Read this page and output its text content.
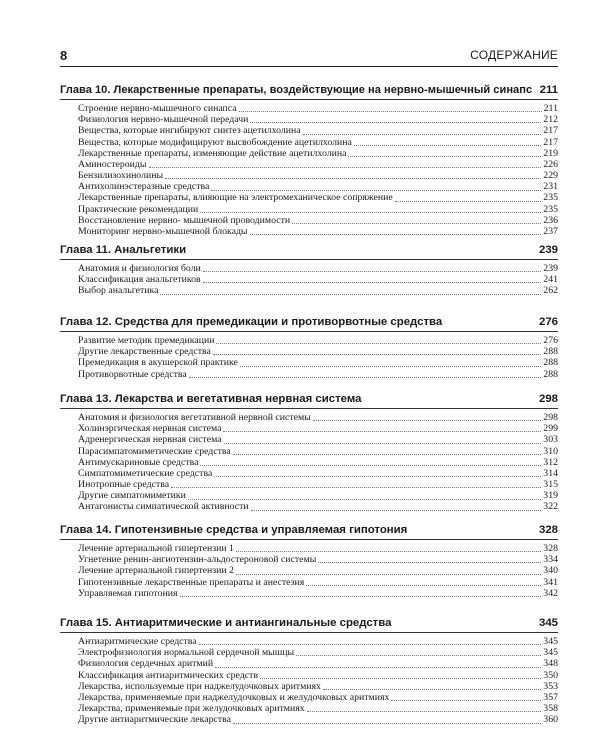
8	СОДЕРЖАНИЕ
Глава 10. Лекарственные препараты, воздействующие на нервно-мышечный синапс 211
Строение нервно-мышечного синапса	211
Физиология нервно-мышечной передачи	212
Вещества, которые ингибируют синтез ацетилхолина	217
Вещества, которые модифицируют высвобождение ацетилхолина	217
Лекарственные препараты, изменяющие действие ацетилхолина	219
Аминостероиды	226
Бензилизохинолины	229
Антихолинэстеразные средства	231
Лекарственные препараты, влияющие на электромеханическое сопряжение	235
Практические рекомендации	235
Восстановление нервно- мышечной проводимости	236
Мониторинг нервно-мышечной блокады	237
Глава 11. Анальгетики	239
Анатомия и физиология боли	239
Классификация анальгетиков	241
Выбор анальгетика	262
Глава 12. Средства для премедикации и противорвотные средства	276
Развитие методик премедикации	276
Другие лекарственные средства	288
Премедикация в акушерской практике	288
Противорвотные средства	288
Глава 13. Лекарства и вегетативная нервная система	298
Анатомия и физиология вегетативной нервной системы	298
Холинэргическая нервная система	299
Адренергическая нервная система	303
Парасимпатомиметические средства	310
Антимускариновые средства	312
Симпатомиметические средства	314
Инотропные средства	315
Другие симпатомиметики	319
Антагонисты симпатической активности	322
Глава 14. Гипотензивные средства и управляемая гипотония	328
Лечение артериальной гипертензии 1	328
Угнетение ренин-ангиотензин-альдостероновой системы	334
Лечение артериальной гипертензии 2	340
Гипотензивные лекарственные препараты и анестезия	341
Управляемая гипотония	342
Глава 15. Антиаритмические и антиангинальные средства	345
Антиаритмические средства	345
Электрофизиология нормальной сердечной мышцы	345
Физиология сердечных аритмий	348
Классификация антиаритмических средств	350
Лекарства, используемые при наджелудочковых аритмиях	353
Лекарства, применяемые при наджелудочковых и желудочковых аритмиях	357
Лекарства, применяемые при желудочковых аритмиях	358
Другие антиаритмические лекарства	360
